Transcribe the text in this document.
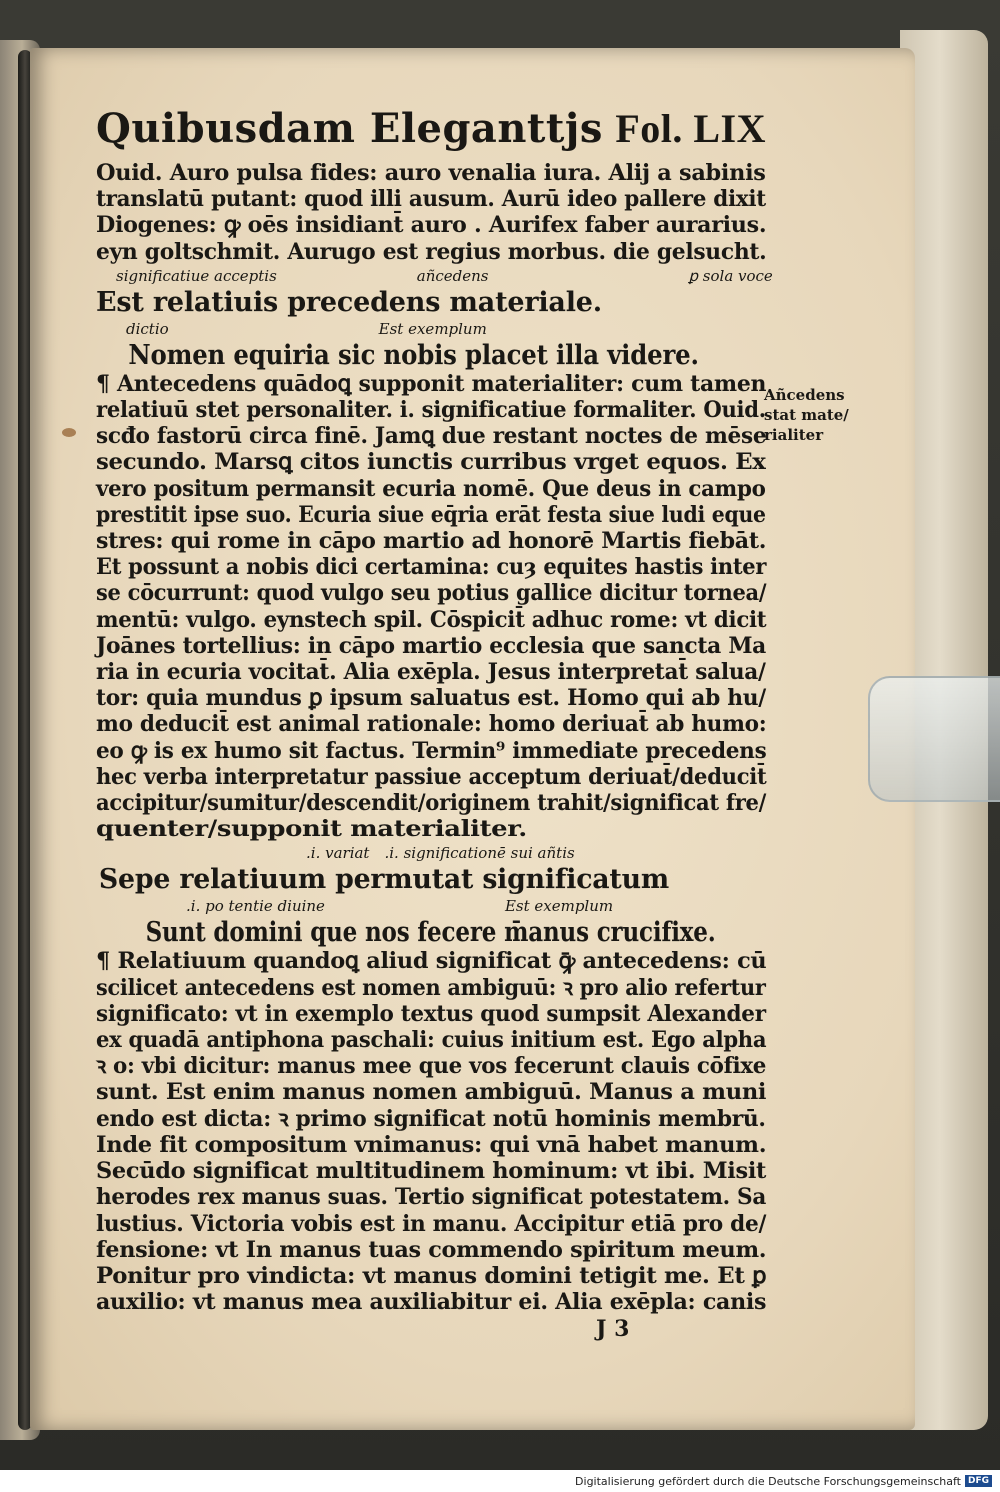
Quibusdam Eleganttjs Fol. LIX
Ouid. Auro pulsa fides: auro venalia iura. Alij a sabinis
translatū putant: quod illi ausum. Aurū ideo pallere dixit
Diogenes: ꝙ oēs insidiant̄ auro . Aurifex faber aurarius.
eyn goltschmit. Aurugo est regius morbus. die gelsucht.
significatiue acceptis	añcedens	ꝑ sola voce
Est relatiuis precedens materiale.
dictio	Est exemplum
Nomen equiria sic nobis placet illa videre.
¶ Antecedens quādoꝗ supponit materialiter: cum tamen
relatiuū stet personaliter. i. significatiue formaliter. Ouid.
scđo fastorū circa finē. Jamꝗ due restant noctes de mēse
secundo. Marsꝗ citos iunctis curribus vrget equos. Ex
vero positum permansit ecuria nomē. Que deus in campo
prestitit ipse suo. Ecuria siue eq̄ria erāt festa siue ludi eque
stres: qui rome in cāpo martio ad honorē Martis fiebāt.
Et possunt a nobis dici certamina: cuȝ equites hastis inter
se cōcurrunt: quod vulgo seu potius gallice dicitur tornea/
mentū: vulgo. eynstech spil. Cōspicit̄ adhuc rome: vt dicit
Joānes tortellius: in cāpo martio ecclesia que sancta Ma
ria in ecuria vocitat̄. Alia exēpla. Jesus interpretat̄ salua/
tor: quia mundus ꝑ ipsum saluatus est. Homo qui ab hu/
mo deducit̄ est animal rationale: homo deriuat̄ ab humo:
eo ꝙ is ex humo sit factus. Termin⁹ immediate precedens
hec verba interpretatur passiue acceptum deriuat̄/deducit̄
accipitur/sumitur/descendit/originem trahit/significat fre/
quenter/supponit materialiter.
.i. variat .i. significationē sui añtis
Sepe relatiuum permutat significatum
.i. po tentie diuine	Est exemplum
Sunt domini que nos fecere m̄anus crucifixe.
¶ Relatiuum quandoꝗ aliud significat ꝙ̄ antecedens: cū
scilicet antecedens est nomen ambiguū: ꝛ pro alio refertur
significato: vt in exemplo textus quod sumpsit Alexander
ex quadā antiphona paschali: cuius initium est. Ego alpha
ꝛ o: vbi dicitur: manus mee que vos fecerunt clauis cōfixe
sunt. Est enim manus nomen ambiguū. Manus a muni
endo est dicta: ꝛ primo significat notū hominis membrū.
Inde fit compositum vnimanus: qui vnā habet manum.
Secūdo significat multitudinem hominum: vt ibi. Misit
herodes rex manus suas. Tertio significat potestatem. Sa
lustius. Victoria vobis est in manu. Accipitur etiā pro de/
fensione: vt In manus tuas commendo spiritum meum.
Ponitur pro vindicta: vt manus domini tetigit me. Et ꝑ
auxilio: vt manus mea auxiliabitur ei. Alia exēpla: canis
Añcedens
stat mate/
rialiter
J 3
Digitalisierung gefördert durch die Deutsche Forschungsgemeinschaft DFG
